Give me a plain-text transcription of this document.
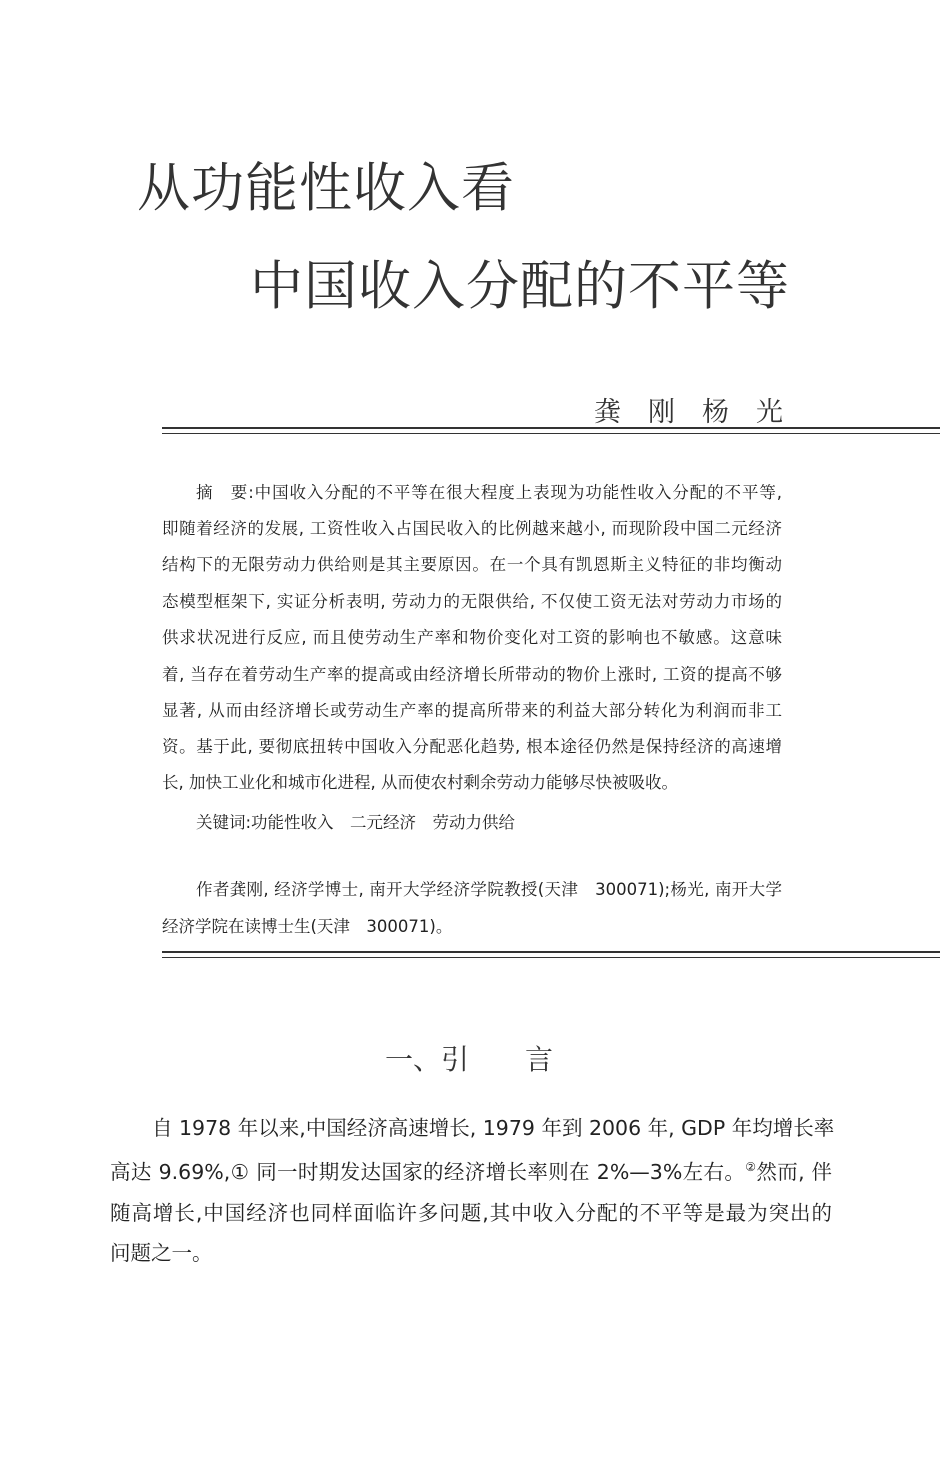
从功能性收入看
中国收入分配的不平等
龚　刚　杨　光
摘　要:中国收入分配的不平等在很大程度上表现为功能性收入分配的不平等,
即随着经济的发展, 工资性收入占国民收入的比例越来越小, 而现阶段中国二元经济
结构下的无限劳动力供给则是其主要原因。在一个具有凯恩斯主义特征的非均衡动
态模型框架下, 实证分析表明, 劳动力的无限供给, 不仅使工资无法对劳动力市场的
供求状况进行反应, 而且使劳动生产率和物价变化对工资的影响也不敏感。这意味
着, 当存在着劳动生产率的提高或由经济增长所带动的物价上涨时, 工资的提高不够
显著, 从而由经济增长或劳动生产率的提高所带来的利益大部分转化为利润而非工
资。基于此, 要彻底扭转中国收入分配恶化趋势, 根本途径仍然是保持经济的高速增
长, 加快工业化和城市化进程, 从而使农村剩余劳动力能够尽快被吸收。
关键词:功能性收入　二元经济　劳动力供给
作者龚刚, 经济学博士, 南开大学经济学院教授(天津　300071);杨光, 南开大学
经济学院在读博士生(天津　300071)。
一、引　　言
自 1978 年以来,中国经济高速增长, 1979 年到 2006 年, GDP 年均增长率
高达 9.69%,① 同一时期发达国家的经济增长率则在 2%—3%左右。②然而, 伴
随高增长,中国经济也同样面临许多问题,其中收入分配的不平等是最为突出的
问题之一。
